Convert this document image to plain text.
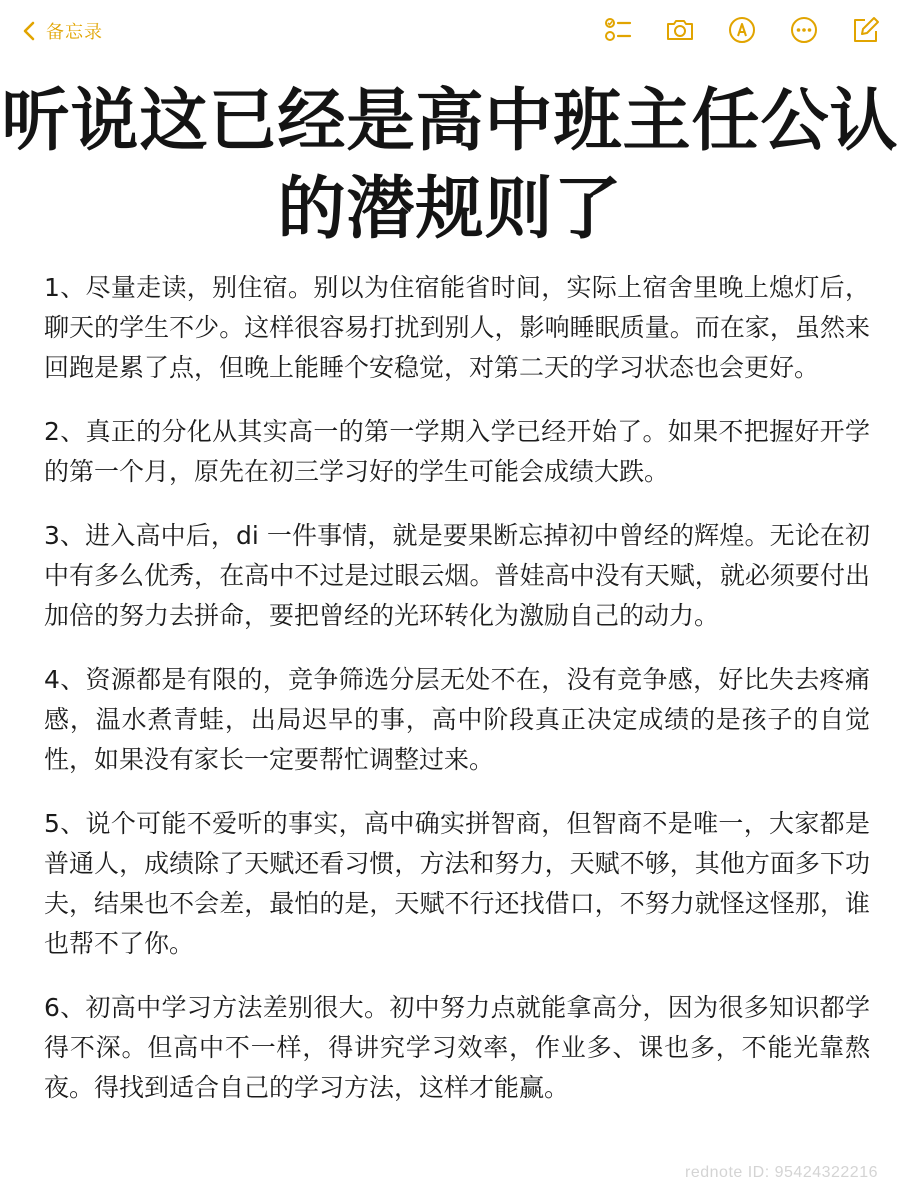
备忘录
听说这已经是高中班主任公认的潜规则了

1、尽量走读，别住宿。别以为住宿能省时间，实际上宿舍里晚上熄灯后，聊天的学生不少。这样很容易打扰到别人，影响睡眠质量。而在家，虽然来回跑是累了点，但晚上能睡个安稳觉，对第二天的学习状态也会更好。

2、真正的分化从其实高一的第一学期入学已经开始了。如果不把握好开学的第一个月，原先在初三学习好的学生可能会成绩大跌。

3、进入高中后，di 一件事情，就是要果断忘掉初中曾经的辉煌。无论在初中有多么优秀，在高中不过是过眼云烟。普娃高中没有天赋，就必须要付出加倍的努力去拼命，要把曾经的光环转化为激励自己的动力。

4、资源都是有限的，竞争筛选分层无处不在，没有竞争感，好比失去疼痛感，温水煮青蛙，出局迟早的事，高中阶段真正决定成绩的是孩子的自觉性，如果没有家长一定要帮忙调整过来。

5、说个可能不爱听的事实，高中确实拼智商，但智商不是唯一，大家都是普通人，成绩除了天赋还看习惯，方法和努力，天赋不够，其他方面多下功夫，结果也不会差，最怕的是，天赋不行还找借口，不努力就怪这怪那，谁也帮不了你。

6、初高中学习方法差别很大。初中努力点就能拿高分，因为很多知识都学得不深。但高中不一样，得讲究学习效率，作业多、课也多，不能光靠熬夜。得找到适合自己的学习方法，这样才能赢。

rednote ID: 95424322216
